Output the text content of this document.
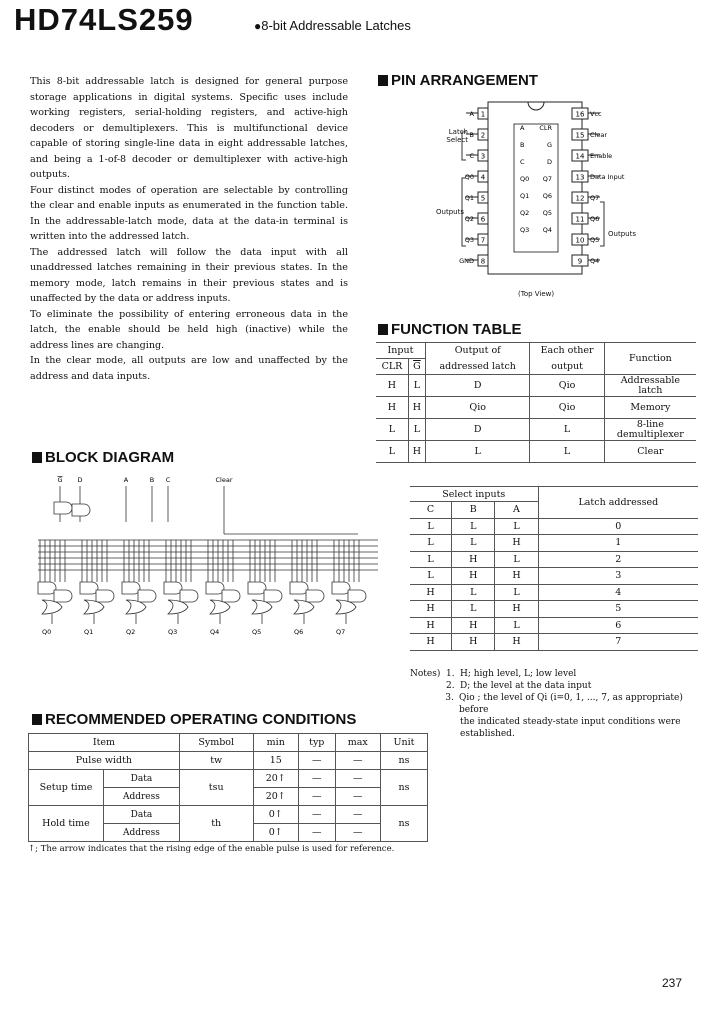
HD74LS259	●8-bit Addressable Latches

This 8-bit addressable latch is designed for general purpose storage applications in digital systems. Specific uses include working registers, serial-holding registers, and active-high decoders or demultiplexers. This is multifunctional device capable of storing single-line data in eight addressable latches, and being a 1-of-8 decoder or demultiplexer with active-high outputs.

Four distinct modes of operation are selectable by controlling the clear and enable inputs as enumerated in the function table. In the addressable-latch mode, data at the data-in terminal is written into the addressed latch.

The addressed latch will follow the data input with all unaddressed latches remaining in their previous states. In the memory mode, latch remains in their previous states and is unaffected by the data or address inputs.

To eliminate the possibility of entering erroneous data in the latch, the enable should be held high (inactive) while the address lines are changing.

In the clear mode, all outputs are low and unaffected by the address and data inputs.

PIN ARRANGEMENT
1
A
2
B
3
C
4
Q0
5
Q1
6
Q2
7
Q3
8
GND
A CLR
B	G
C	D
Q0 Q7
Q1 Q6
Q2 Q5
Q3 Q4
16 Vcc
15 Clear
14 Enable
13 Data Input
12 Q7
11 Q6
10 Q5
9 Q4
Latch Select
Outputs
Outputs
(Top View)
FUNCTION TABLE
Input		Output of	Each other	Function
CLR	$\overline{G}$	addressed latch	output	
H	L	D	Qio	Addressable
latch
H	H	Qio	Qio	Memory
L	L	D	L	8-line
demultiplexer
L	H	L	L	Clear
Select inputs			Latch addressed
C	B	A	
L	L	L	0
L	L	H	1
L	H	L	2
L	H	H	3
H	L	L	4
H	L	H	5
H	H	L	6
H	H	H	7
Notes) 1. H; high level, L; low level
2. D; the level at the data input
3. Qio ; the level of Qi (i=0, 1, ..., 7, as appropriate) before
the indicated steady-state input conditions were
established.
BLOCK DIAGRAM
G D	A	B C	Clear
Q0	Q1	Q2	Q3	Q4	Q5	Q6	Q7
RECOMMENDED OPERATING CONDITIONS
Item		Symbol	min	typ	max	Unit
Pulse width		tw	15	—	—	ns
Setup time	Data	tsu	20↑	—	—	ns
	Address		20↑	—	—	
Hold time	Data	th	0↑	—	—	ns
	Address		0↑	—	—	
↑; The arrow indicates that the rising edge of the enable pulse is used for reference.
237
